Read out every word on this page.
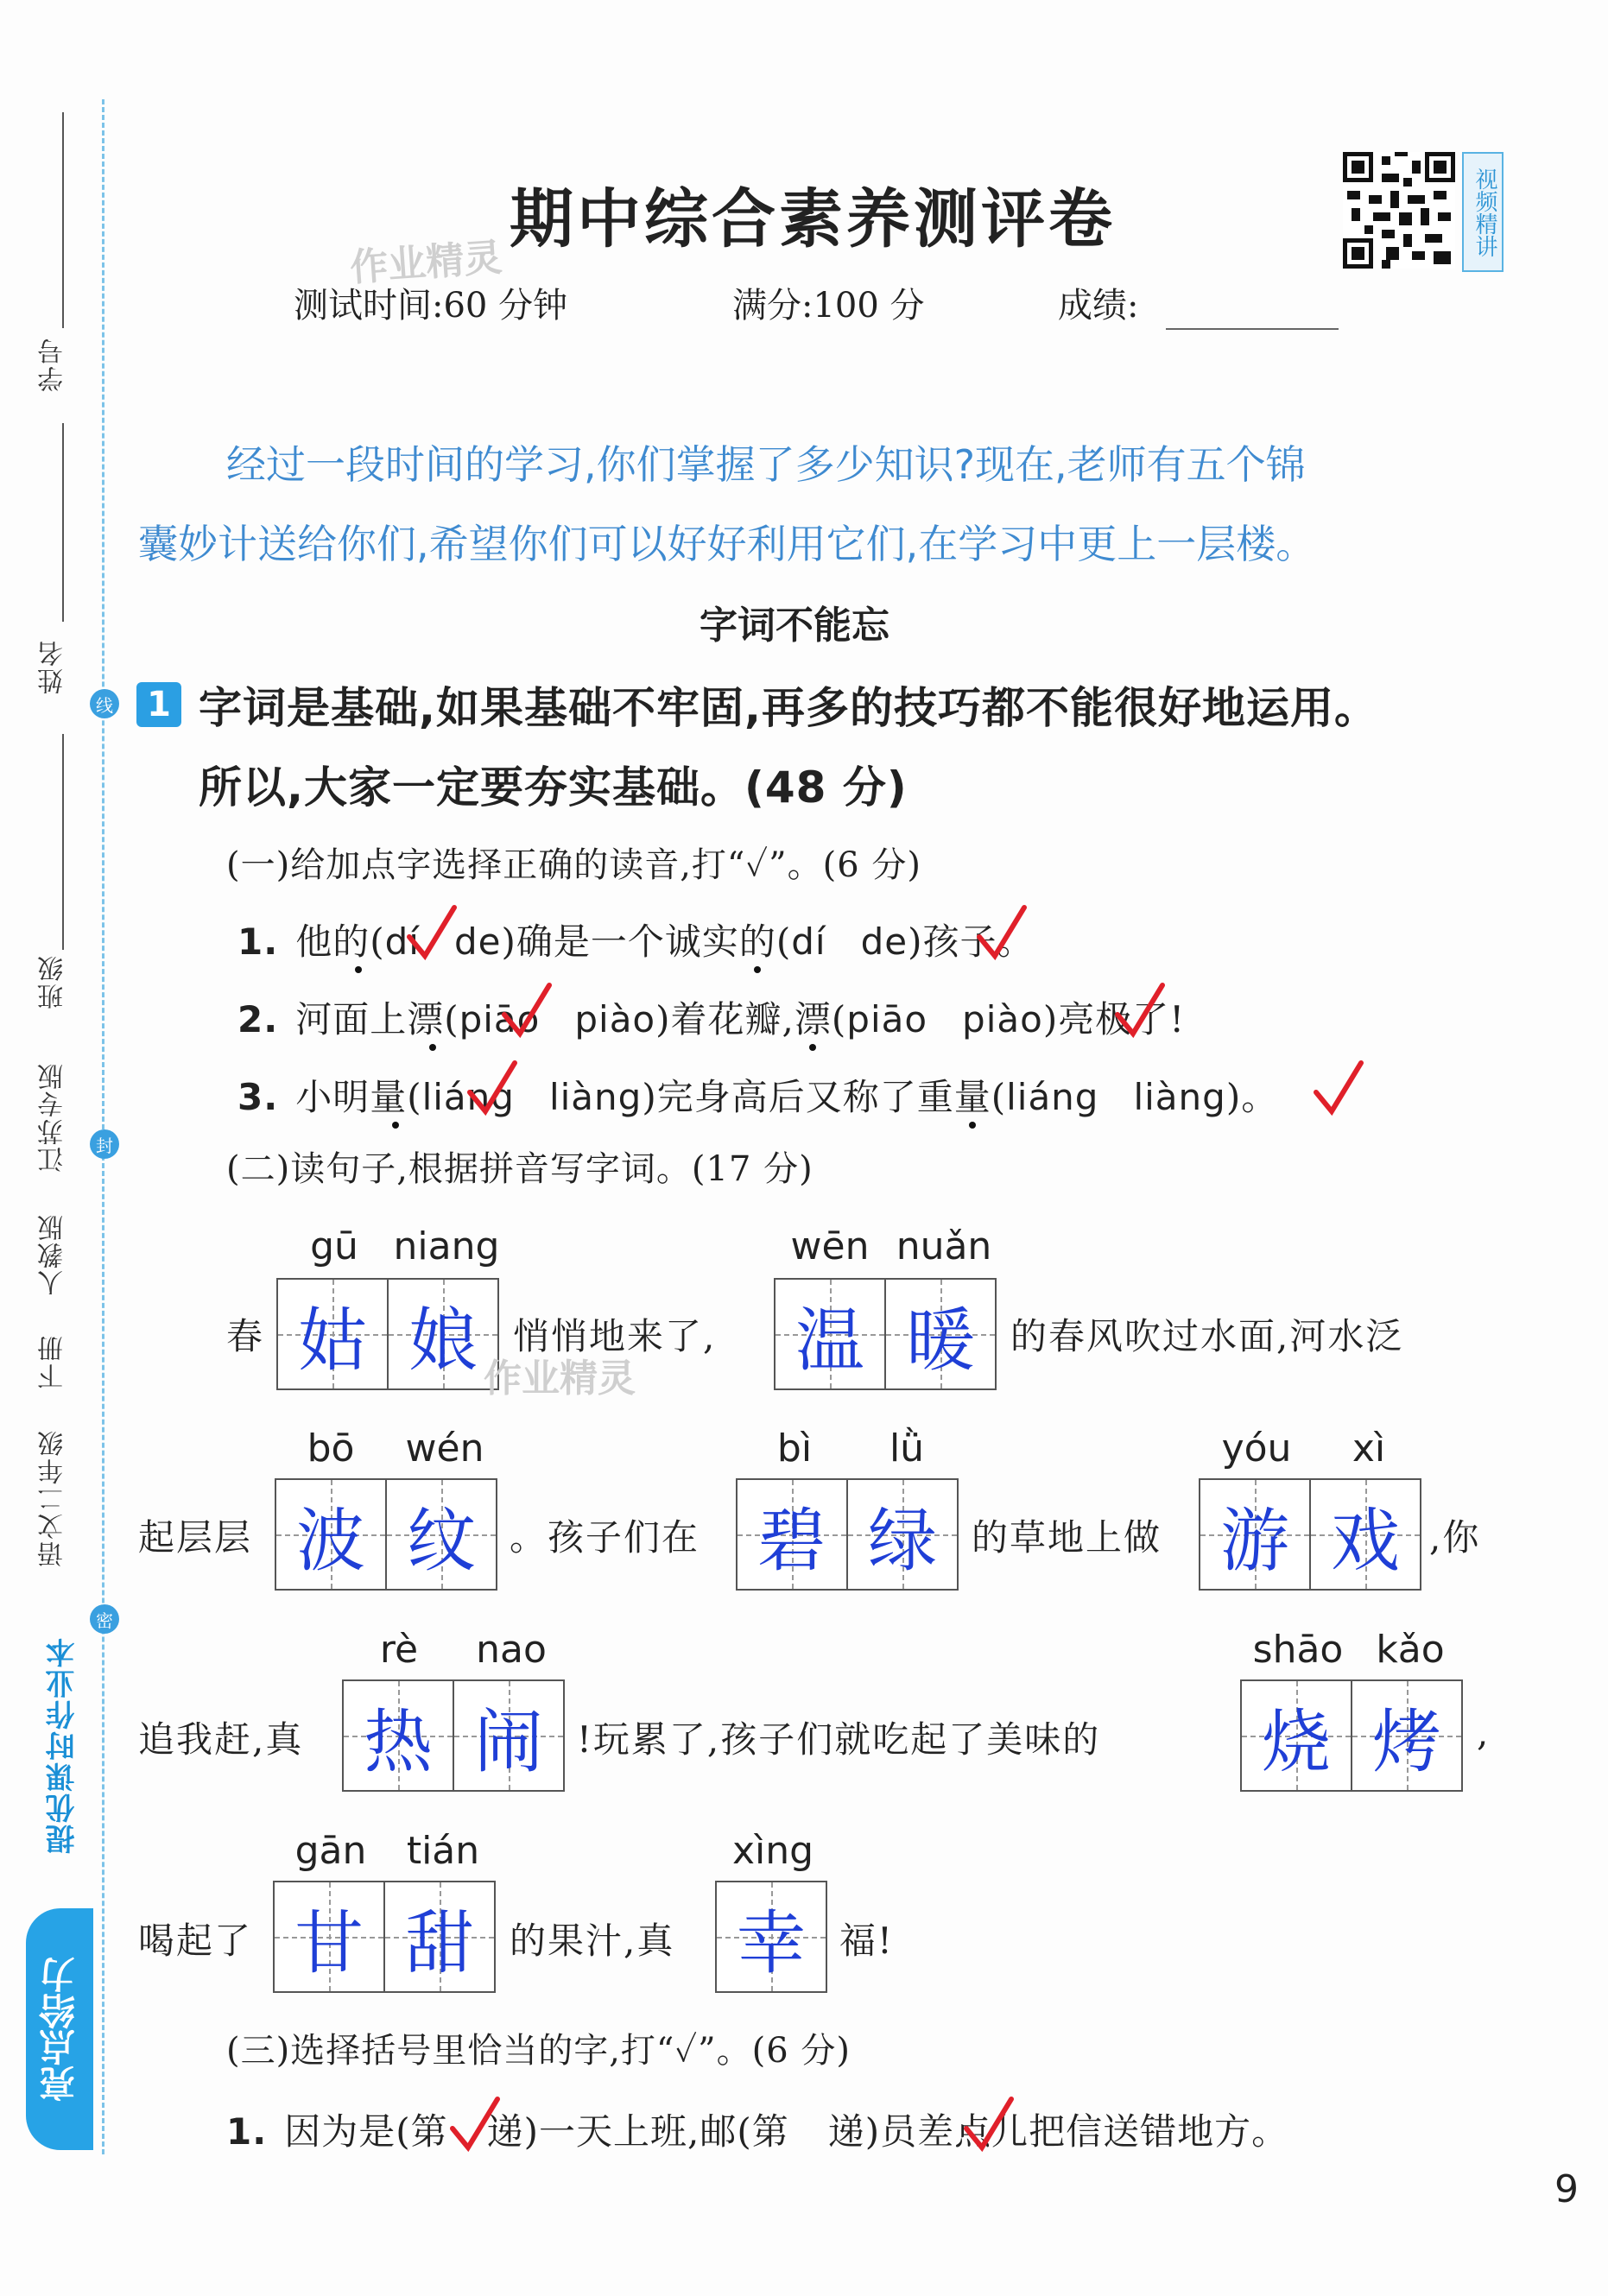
学号
姓名
线
班级
江苏专版	封
人教版
下册
语文二年级
密
提优课时作业本
亮点给力
期中综合素养测评卷	视频精讲
测试时间:60 分钟	满分:100 分	成绩:
作业精灵
经过一段时间的学习,你们掌握了多少知识?现在,老师有五个锦
囊妙计送给你们,希望你们可以好好利用它们,在学习中更上一层楼。
字词不能忘
1 字词是基础,如果基础不牢固,再多的技巧都不能很好地运用。
所以,大家一定要夯实基础。(48 分)
(一)给加点字选择正确的读音,打“✓”。(6 分)
1. 他的(dí de)确是一个诚实的(dí de)孩子。
2. 河面上漂(piāo piào)着花瓣,漂(piāo piào)亮极了!
3. 小明量(liáng liàng)完身高后又称了重量(liáng liàng)。
(二)读句子,根据拼音写字词。(17 分)
春
gū niang
姑 娘 悄悄地来了,
wēn nuǎn
温 暖 的春风吹过水面,河水泛
作业精灵
起层层
bō	wén
波 纹 。孩子们在
bì	lǜ
碧 绿 的草地上做
yóu	xì
游 戏 ,你
追我赶,真
rè	nao
热 闹 !玩累了,孩子们就吃起了美味的
shāo kǎo
烧 烤 ,
喝起了
gān	tián
甘 甜 的果汁,真
xìng
幸 福!
(三)选择括号里恰当的字,打“✓”。(6 分)
1. 因为是(第 递)一天上班,邮(第 递)员差点儿把信送错地方。
9
